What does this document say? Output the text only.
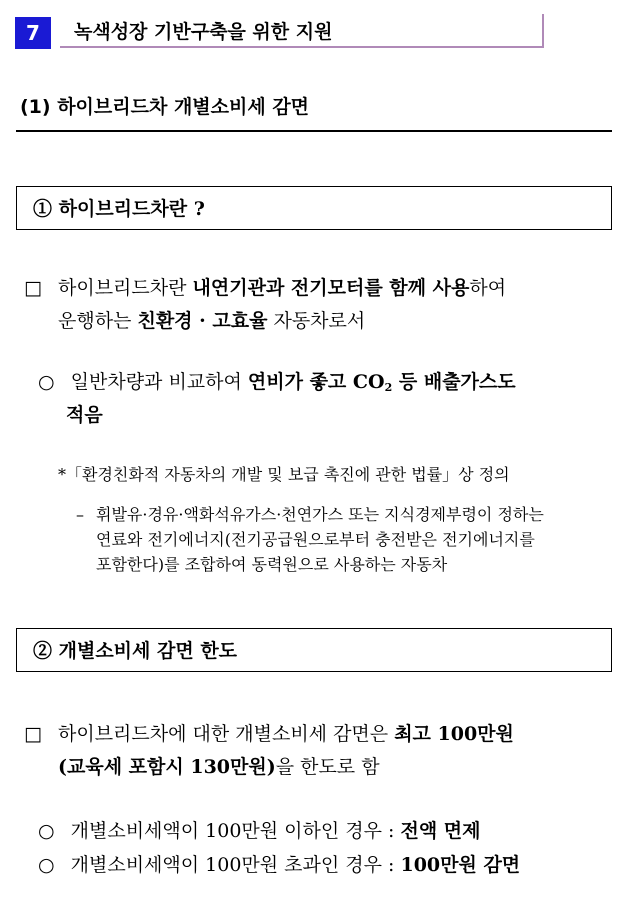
7	녹색성장 기반구축을 위한 지원
(1) 하이브리드차 개별소비세 감면
① 하이브리드차란 ?
□ 하이브리드차란 내연기관과 전기모터를 함께 사용하여
운행하는 친환경 · 고효율 자동차로서
○ 일반차량과 비교하여 연비가 좋고 CO2 등 배출가스도
적음
*「환경친화적 자동차의 개발 및 보급 촉진에 관한 법률」상 정의
– 휘발유·경유·액화석유가스·천연가스 또는 지식경제부령이 정하는
연료와 전기에너지(전기공급원으로부터 충전받은 전기에너지를
포함한다)를 조합하여 동력원으로 사용하는 자동차
② 개별소비세 감면 한도
□ 하이브리드차에 대한 개별소비세 감면은 최고 100만원
(교육세 포함시 130만원)을 한도로 함
○ 개별소비세액이 100만원 이하인 경우 : 전액 면제
○ 개별소비세액이 100만원 초과인 경우 : 100만원 감면
